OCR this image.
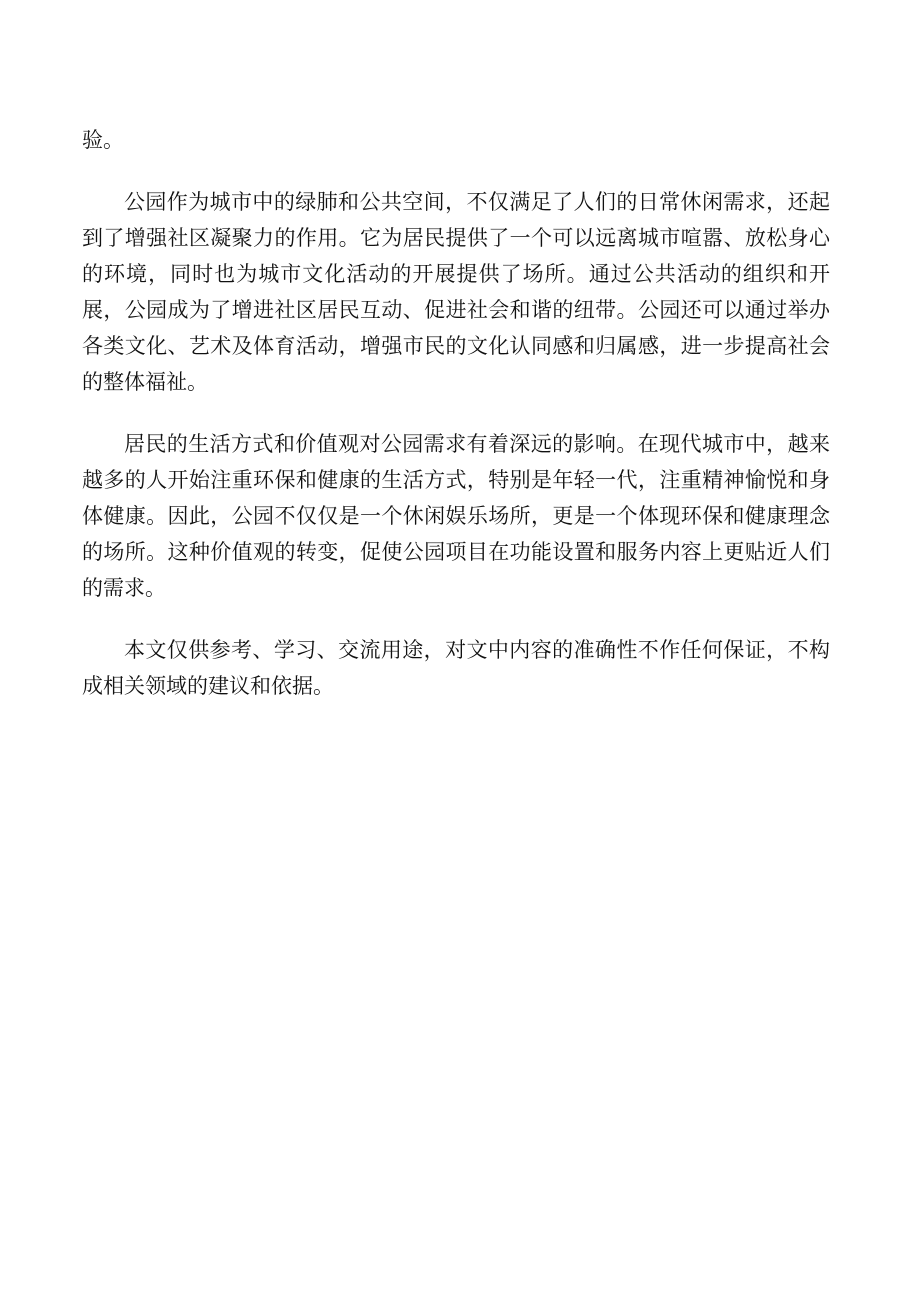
验。

公园作为城市中的绿肺和公共空间，不仅满足了人们的日常休闲需求，还起到了增强社区凝聚力的作用。它为居民提供了一个可以远离城市喧嚣、放松身心的环境，同时也为城市文化活动的开展提供了场所。通过公共活动的组织和开展，公园成为了增进社区居民互动、促进社会和谐的纽带。公园还可以通过举办各类文化、艺术及体育活动，增强市民的文化认同感和归属感，进一步提高社会的整体福祉。

居民的生活方式和价值观对公园需求有着深远的影响。在现代城市中，越来越多的人开始注重环保和健康的生活方式，特别是年轻一代，注重精神愉悦和身体健康。因此，公园不仅仅是一个休闲娱乐场所，更是一个体现环保和健康理念的场所。这种价值观的转变，促使公园项目在功能设置和服务内容上更贴近人们的需求。

本文仅供参考、学习、交流用途，对文中内容的准确性不作任何保证，不构成相关领域的建议和依据。
